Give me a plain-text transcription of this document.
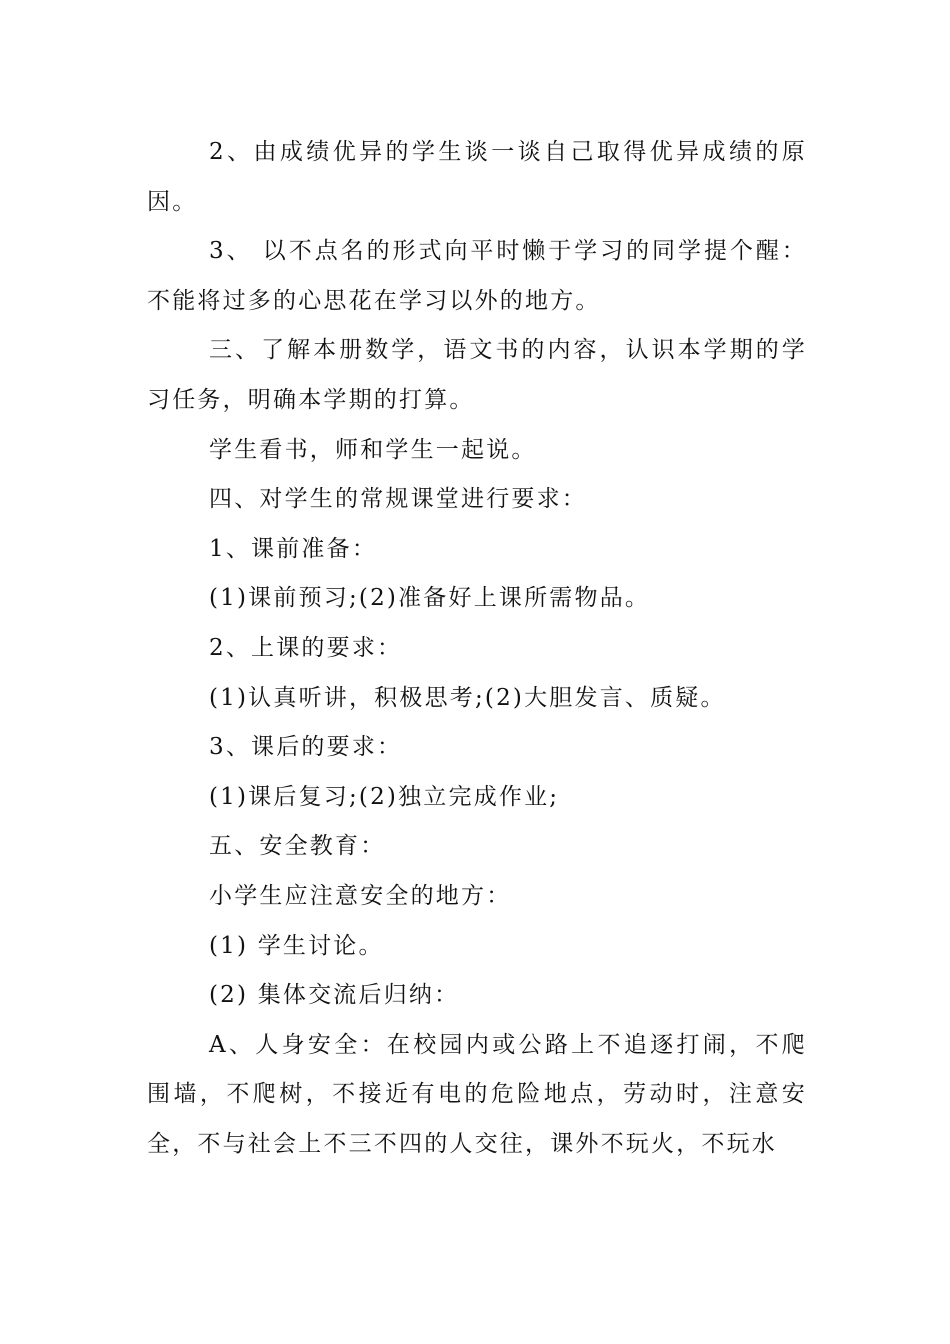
2、由成绩优异的学生谈一谈自己取得优异成绩的原因。

3、 以不点名的形式向平时懒于学习的同学提个醒：不能将过多的心思花在学习以外的地方。

三、了解本册数学，语文书的内容，认识本学期的学习任务，明确本学期的打算。

学生看书，师和学生一起说。

四、对学生的常规课堂进行要求：

1、课前准备：

(1)课前预习;(2)准备好上课所需物品。

2、上课的要求：

(1)认真听讲，积极思考;(2)大胆发言、质疑。

3、课后的要求：

(1)课后复习;(2)独立完成作业;

五、安全教育：

小学生应注意安全的地方：

(1) 学生讨论。

(2) 集体交流后归纳：

A、人身安全：在校园内或公路上不追逐打闹，不爬围墙，不爬树，不接近有电的危险地点，劳动时，注意安全，不与社会上不三不四的人交往，课外不玩火，不玩水
